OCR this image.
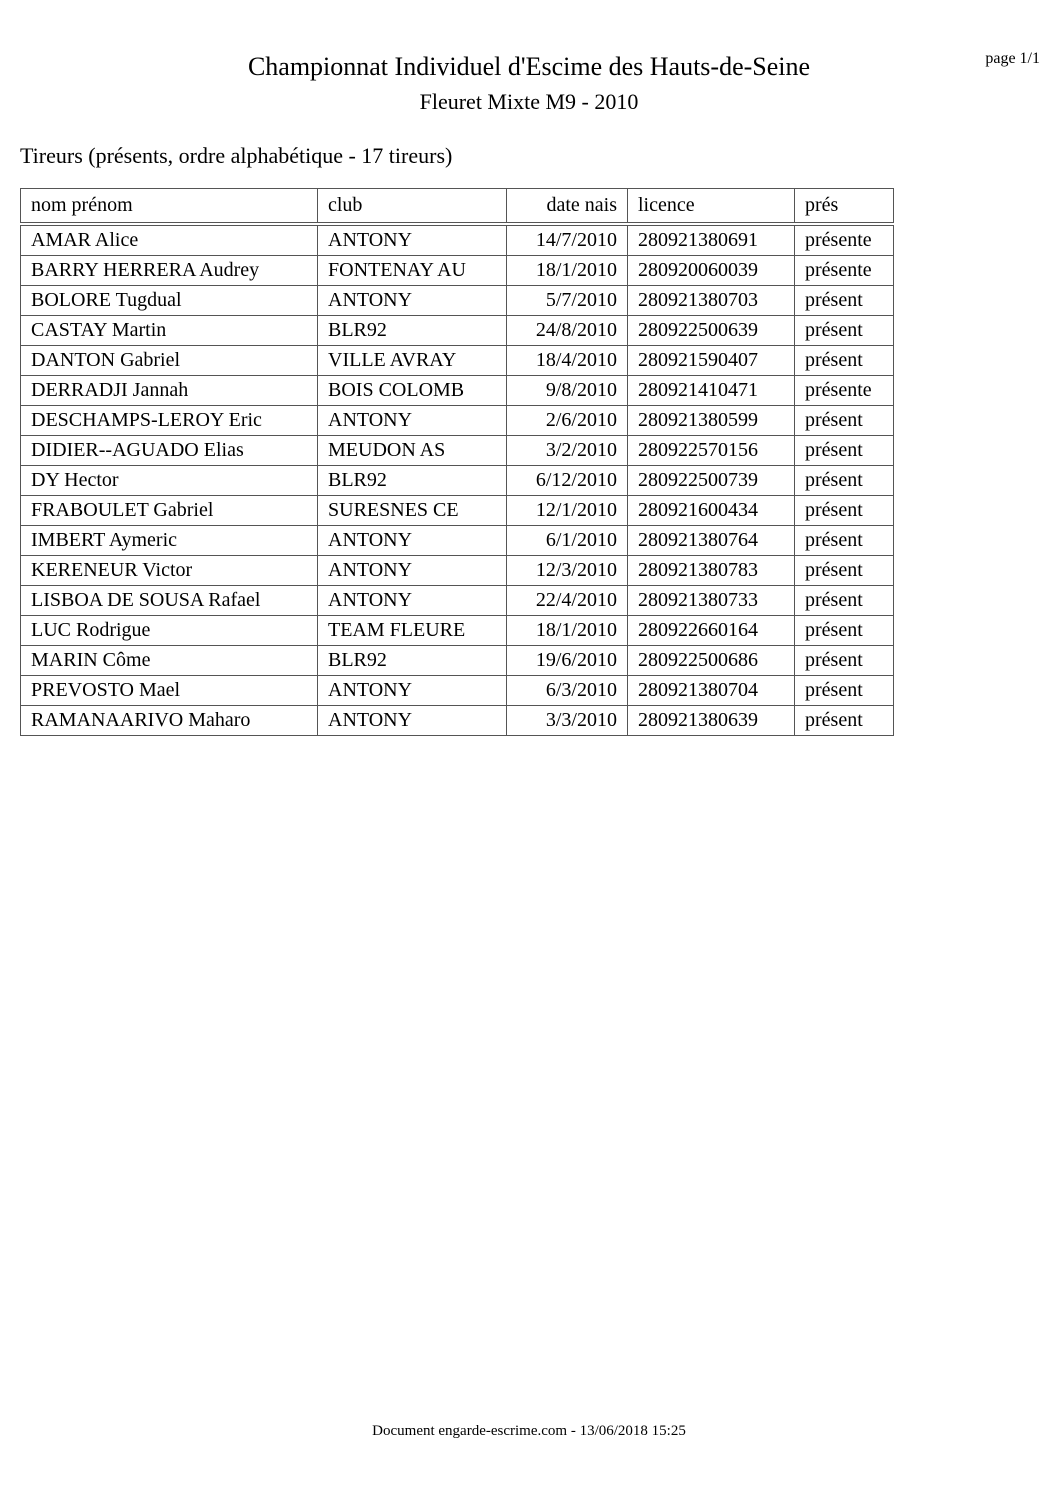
page 1/1
Championnat Individuel d'Escime des Hauts-de-Seine
Fleuret Mixte M9 - 2010
Tireurs (présents, ordre alphabétique - 17 tireurs)
nom prénom	club	date nais	licence	prés
AMAR Alice	ANTONY	14/7/2010	280921380691	présente
BARRY HERRERA Audrey	FONTENAY AU	18/1/2010	280920060039	présente
BOLORE Tugdual	ANTONY	5/7/2010	280921380703	présent
CASTAY Martin	BLR92	24/8/2010	280922500639	présent
DANTON Gabriel	VILLE AVRAY	18/4/2010	280921590407	présent
DERRADJI Jannah	BOIS COLOMB	9/8/2010	280921410471	présente
DESCHAMPS-LEROY Eric	ANTONY	2/6/2010	280921380599	présent
DIDIER--AGUADO Elias	MEUDON AS	3/2/2010	280922570156	présent
DY Hector	BLR92	6/12/2010	280922500739	présent
FRABOULET Gabriel	SURESNES CE	12/1/2010	280921600434	présent
IMBERT Aymeric	ANTONY	6/1/2010	280921380764	présent
KERENEUR Victor	ANTONY	12/3/2010	280921380783	présent
LISBOA DE SOUSA Rafael	ANTONY	22/4/2010	280921380733	présent
LUC Rodrigue	TEAM FLEURE	18/1/2010	280922660164	présent
MARIN Côme	BLR92	19/6/2010	280922500686	présent
PREVOSTO Mael	ANTONY	6/3/2010	280921380704	présent
RAMANAARIVO Maharo	ANTONY	3/3/2010	280921380639	présent
Document engarde-escrime.com - 13/06/2018 15:25
